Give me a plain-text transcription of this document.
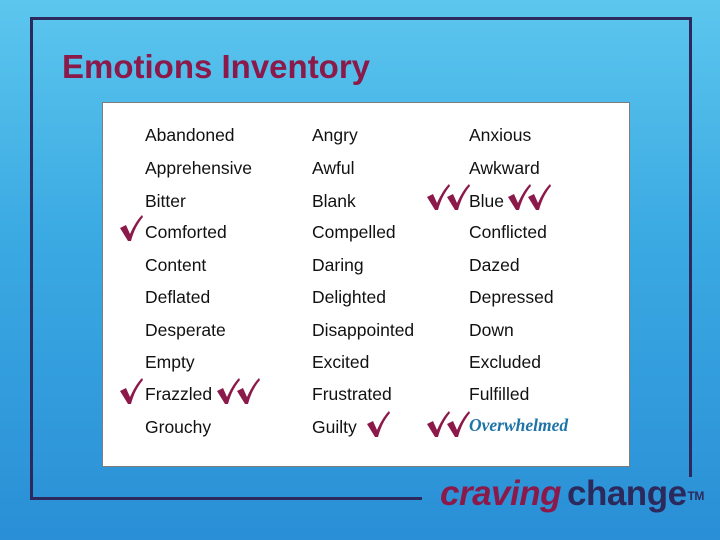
Emotions Inventory
Abandoned
Apprehensive
Bitter
Comforted
Content
Deflated
Desperate
Empty
Frazzled
Grouchy
Angry
Awful
Blank
Compelled
Daring
Delighted
Disappointed
Excited
Frustrated
Guilty
Anxious
Awkward
Blue
Conflicted
Dazed
Depressed
Down
Excluded
Fulfilled
Overwhelmed
craving change™
